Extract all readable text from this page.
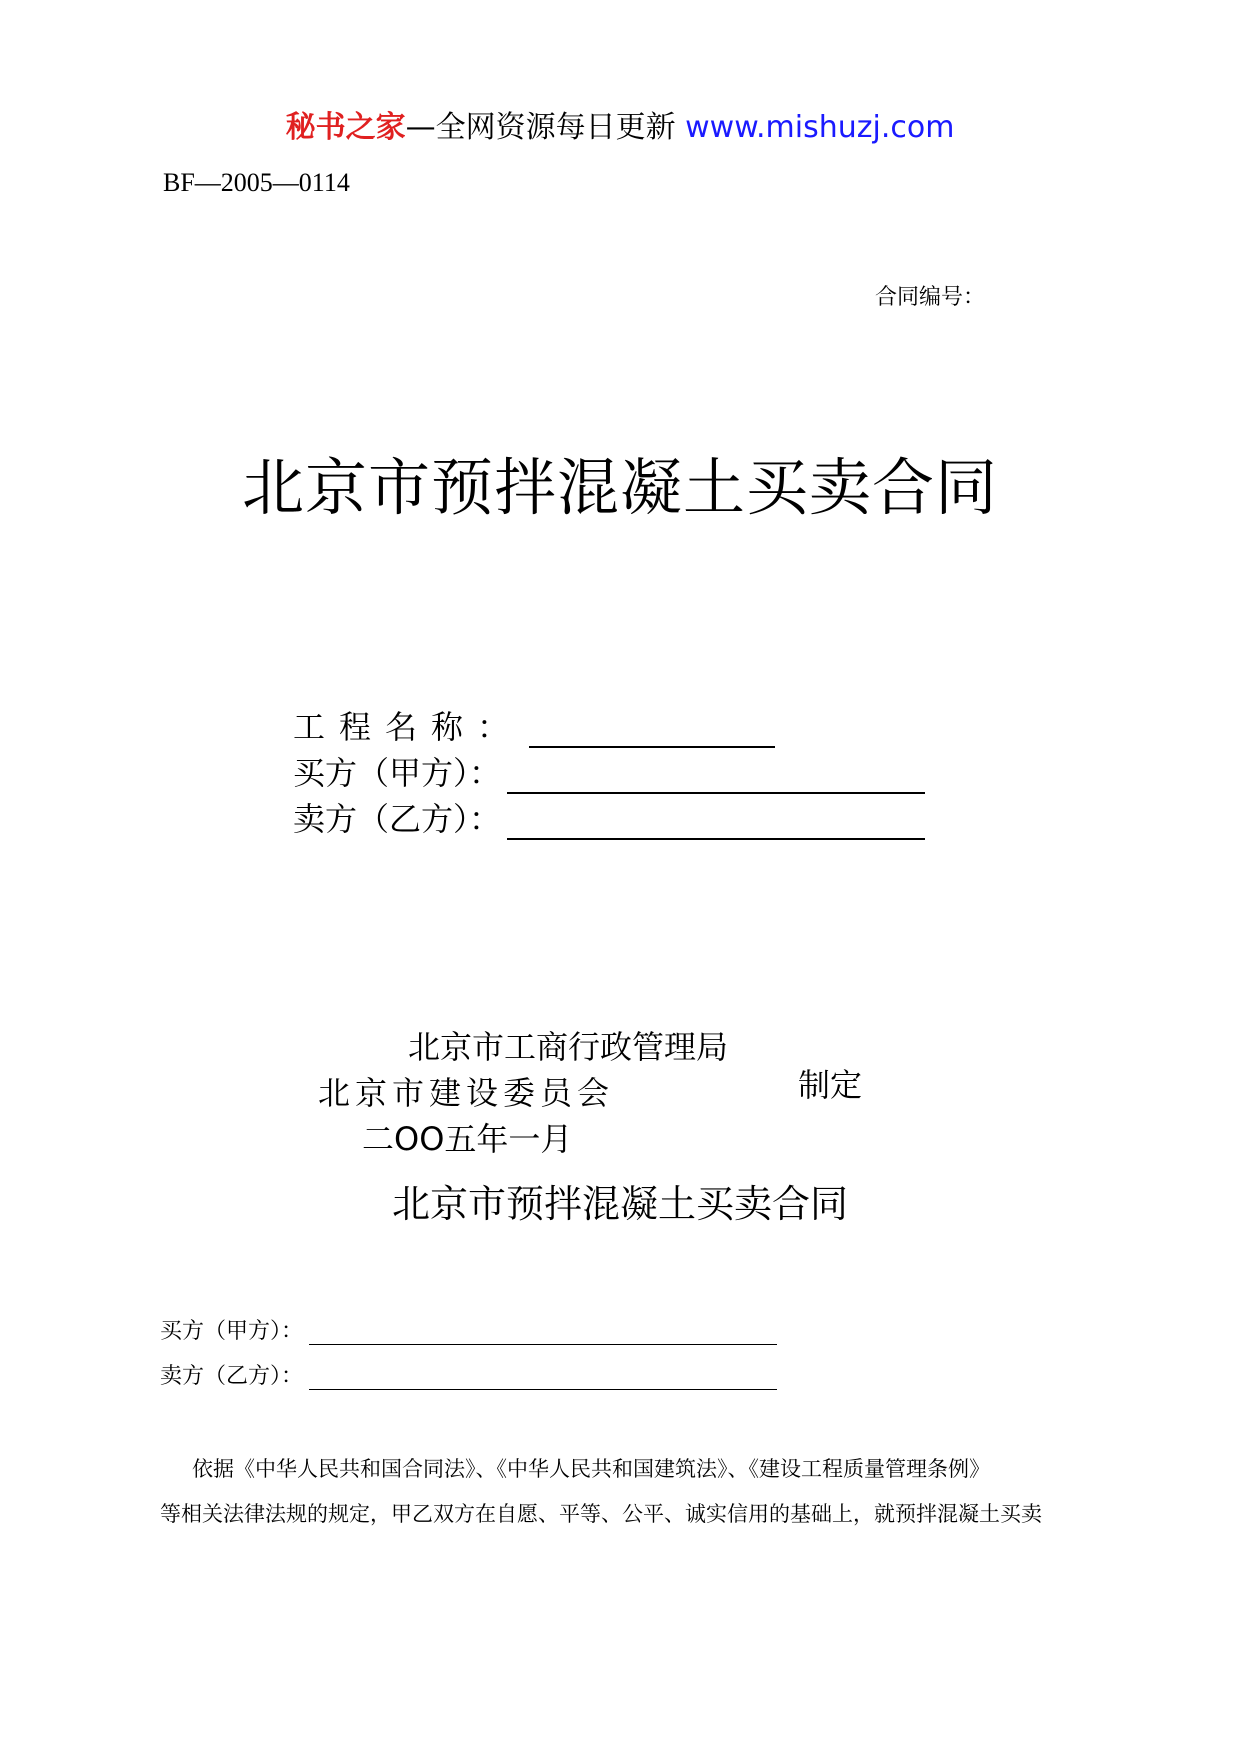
秘书之家—全网资源每日更新 www.mishuzj.com
BF—2005—0114
合同编号：
北京市预拌混凝土买卖合同
工程名称：
买方（甲方）：
卖方（乙方）：
北京市工商行政管理局
北京市建设委员会	制定
二OO五年一月
北京市预拌混凝土买卖合同
买方（甲方）：
卖方（乙方）：
依据《中华人民共和国合同法》、《中华人民共和国建筑法》、《建设工程质量管理条例》
等相关法律法规的规定，甲乙双方在自愿、平等、公平、诚实信用的基础上，就预拌混凝土买卖
